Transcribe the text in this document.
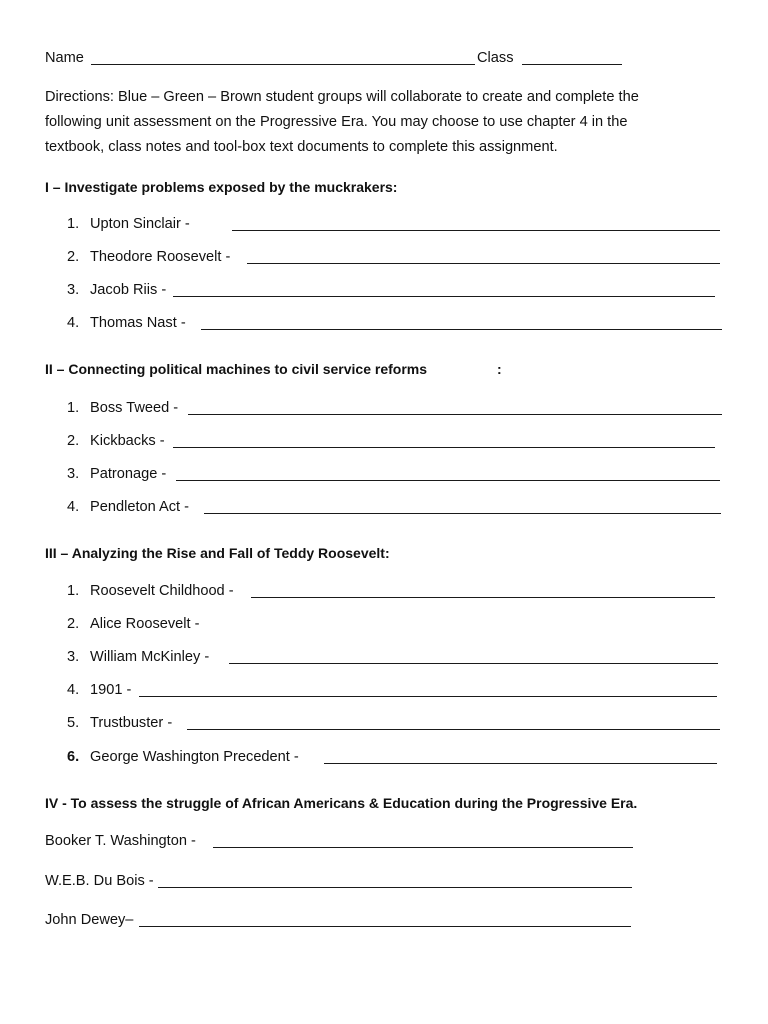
Name	Class
Directions: Blue – Green – Brown student groups will collaborate to create and complete the
following unit assessment on the Progressive Era. You may choose to use chapter 4 in the
textbook, class notes and tool-box text documents to complete this assignment.
I – Investigate problems exposed by the muckrakers:
1. Upton Sinclair -
2. Theodore Roosevelt -
3. Jacob Riis -
4. Thomas Nast -
II – Connecting political machines to civil service reforms	:
1. Boss Tweed -
2. Kickbacks -
3. Patronage -
4. Pendleton Act -
III – Analyzing the Rise and Fall of Teddy Roosevelt:
1. Roosevelt Childhood -
2. Alice Roosevelt -
3. William McKinley -
4. 1901 -
5. Trustbuster -
6. George Washington Precedent -
IV - To assess the struggle of African Americans & Education during the Progressive Era.
Booker T. Washington -
W.E.B. Du Bois -
John Dewey–
